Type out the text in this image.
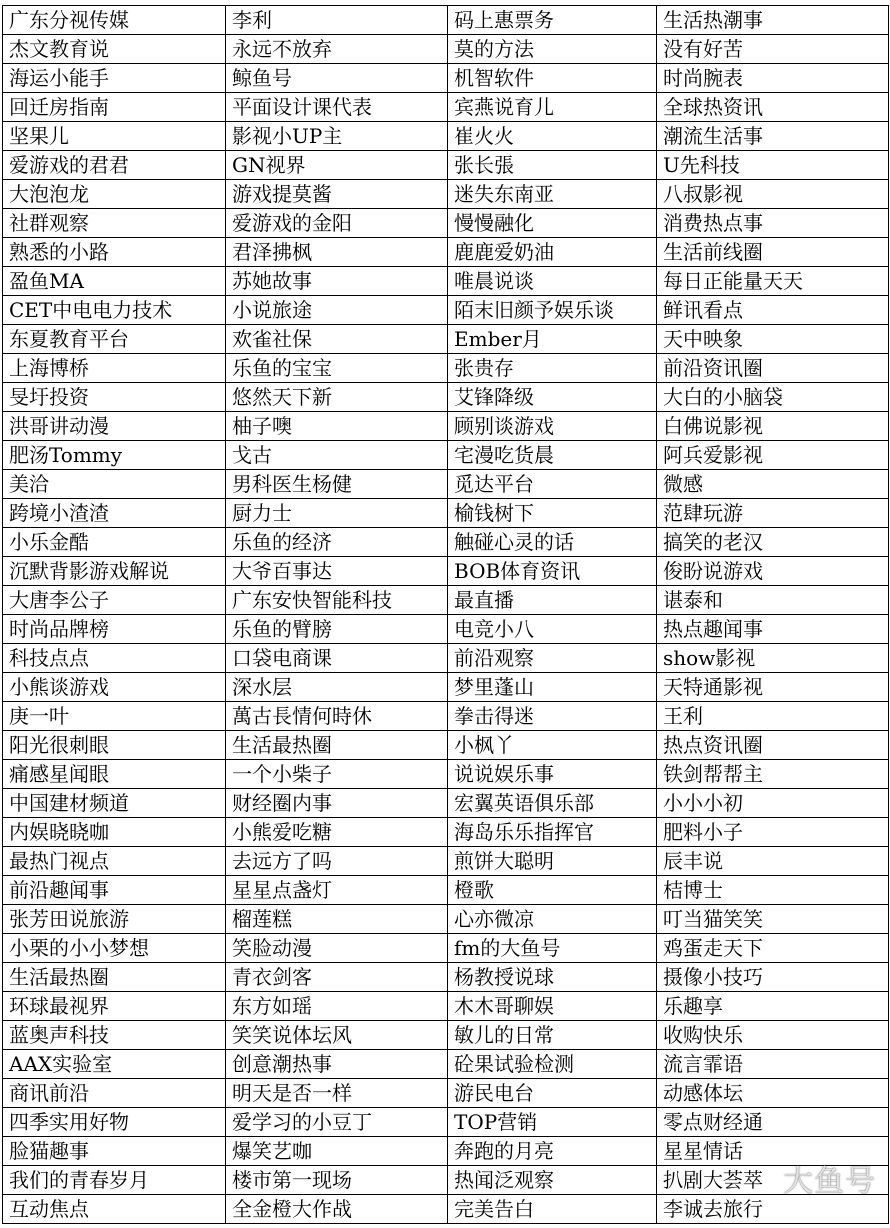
广东分视传媒	李利	码上惠票务	生活热潮事
杰文教育说	永远不放弃	莫的方法	没有好苦
海运小能手	鲸鱼号	机智软件	时尚腕表
回迁房指南	平面设计课代表	宾燕说育儿	全球热资讯
坚果儿	影视小UP主	崔火火	潮流生活事
爱游戏的君君	GN视界	张长張	U先科技
大泡泡龙	游戏提莫酱	迷失东南亚	八叔影视
社群观察	爱游戏的金阳	慢慢融化	消费热点事
熟悉的小路	君泽拂枫	鹿鹿爱奶油	生活前线圈
盈鱼MA	苏她故事	唯晨说谈	每日正能量天天
CET中电电力技术	小说旅途	陌末旧颜予娱乐谈	鲜讯看点
东夏教育平台	欢雀社保	Ember月	天中映象
上海博桥	乐鱼的宝宝	张贵存	前沿资讯圈
旻圩投资	悠然天下新	艾锋降级	大白的小脑袋
洪哥讲动漫	柚子噢	顾别谈游戏	白佛说影视
肥汤Tommy	戈古	宅漫吃货晨	阿兵爱影视
美洽	男科医生杨健	觅达平台	微感
跨境小渣渣	厨力士	榆钱树下	范肆玩游
小乐金酷	乐鱼的经济	触碰心灵的话	搞笑的老汉
沉默背影游戏解说	大爷百事达	BOB体育资讯	俊盼说游戏
大唐李公子	广东安快智能科技	最直播	谌泰和
时尚品牌榜	乐鱼的臂膀	电竞小八	热点趣闻事
科技点点	口袋电商课	前沿观察	show影视
小熊谈游戏	深水层	梦里蓬山	天特通影视
庚一叶	萬古長情何時休	拳击得迷	王利
阳光很刺眼	生活最热圈	小枫丫	热点资讯圈
痛感星闻眼	一个小柴子	说说娱乐事	铁剑帮帮主
中国建材频道	财经圈内事	宏翼英语俱乐部	小小小初
内娱晓晓咖	小熊爱吃糖	海岛乐乐指挥官	肥料小子
最热门视点	去远方了吗	煎饼大聪明	辰丰说
前沿趣闻事	星星点盏灯	橙歌	桔博士
张芳田说旅游	榴莲糕	心亦微凉	叮当猫笑笑
小栗的小小梦想	笑脸动漫	fm的大鱼号	鸡蛋走天下
生活最热圈	青衣剑客	杨教授说球	摄像小技巧
环球最视界	东方如瑶	木木哥聊娱	乐趣享
蓝奥声科技	笑笑说体坛风	敏儿的日常	收购快乐
AAX实验室	创意潮热事	砼果试验检测	流言霏语
商讯前沿	明天是否一样	游民电台	动感体坛
四季实用好物	爱学习的小豆丁	TOP营销	零点财经通
脸猫趣事	爆笑艺咖	奔跑的月亮	星星情话
我们的青春岁月	楼市第一现场	热闻泛观察	扒剧大荟萃
互动焦点	全金橙大作战	完美告白	李诚去旅行
大鱼号
